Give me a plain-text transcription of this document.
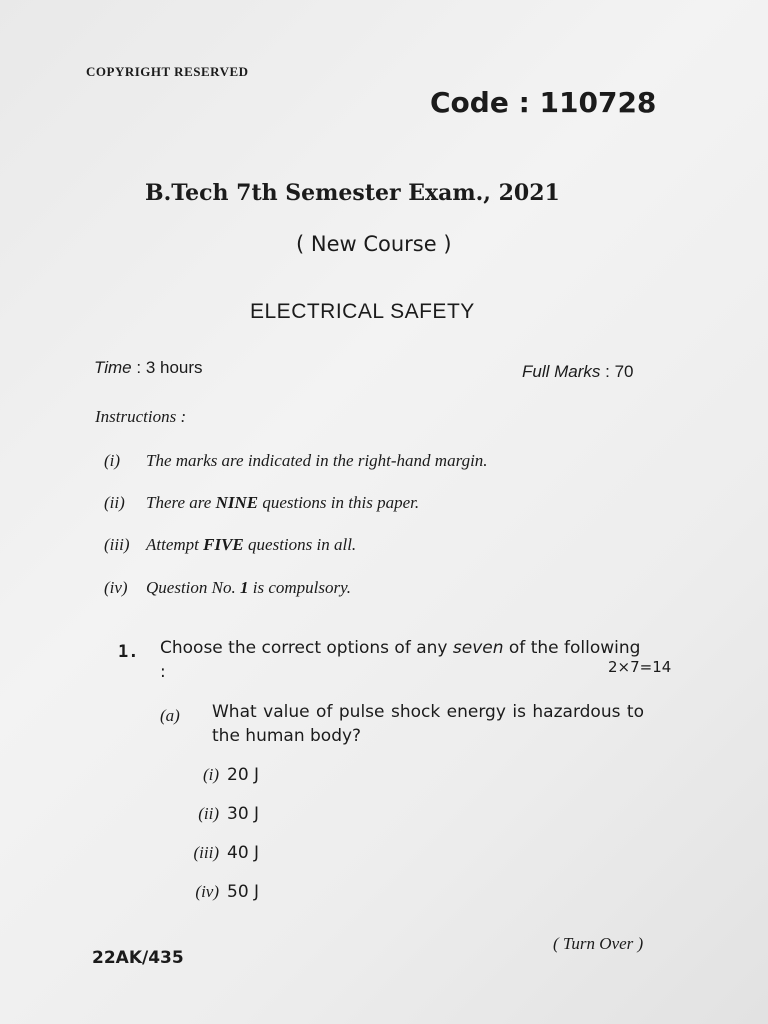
COPYRIGHT RESERVED
Code : 110728
B.Tech 7th Semester Exam., 2021
( New Course )
ELECTRICAL SAFETY
Time : 3 hours	Full Marks : 70
Instructions :
(i) The marks are indicated in the right-hand margin.
(ii) There are NINE questions in this paper.
(iii) Attempt FIVE questions in all.
(iv) Question No. 1 is compulsory.
1. Choose the correct options of any seven of the following :	2×7=14
(a) What value of pulse shock energy is hazardous to the human body?
(i) 20 J
(ii) 30 J
(iii) 40 J
(iv) 50 J
22AK/435
( Turn Over )
